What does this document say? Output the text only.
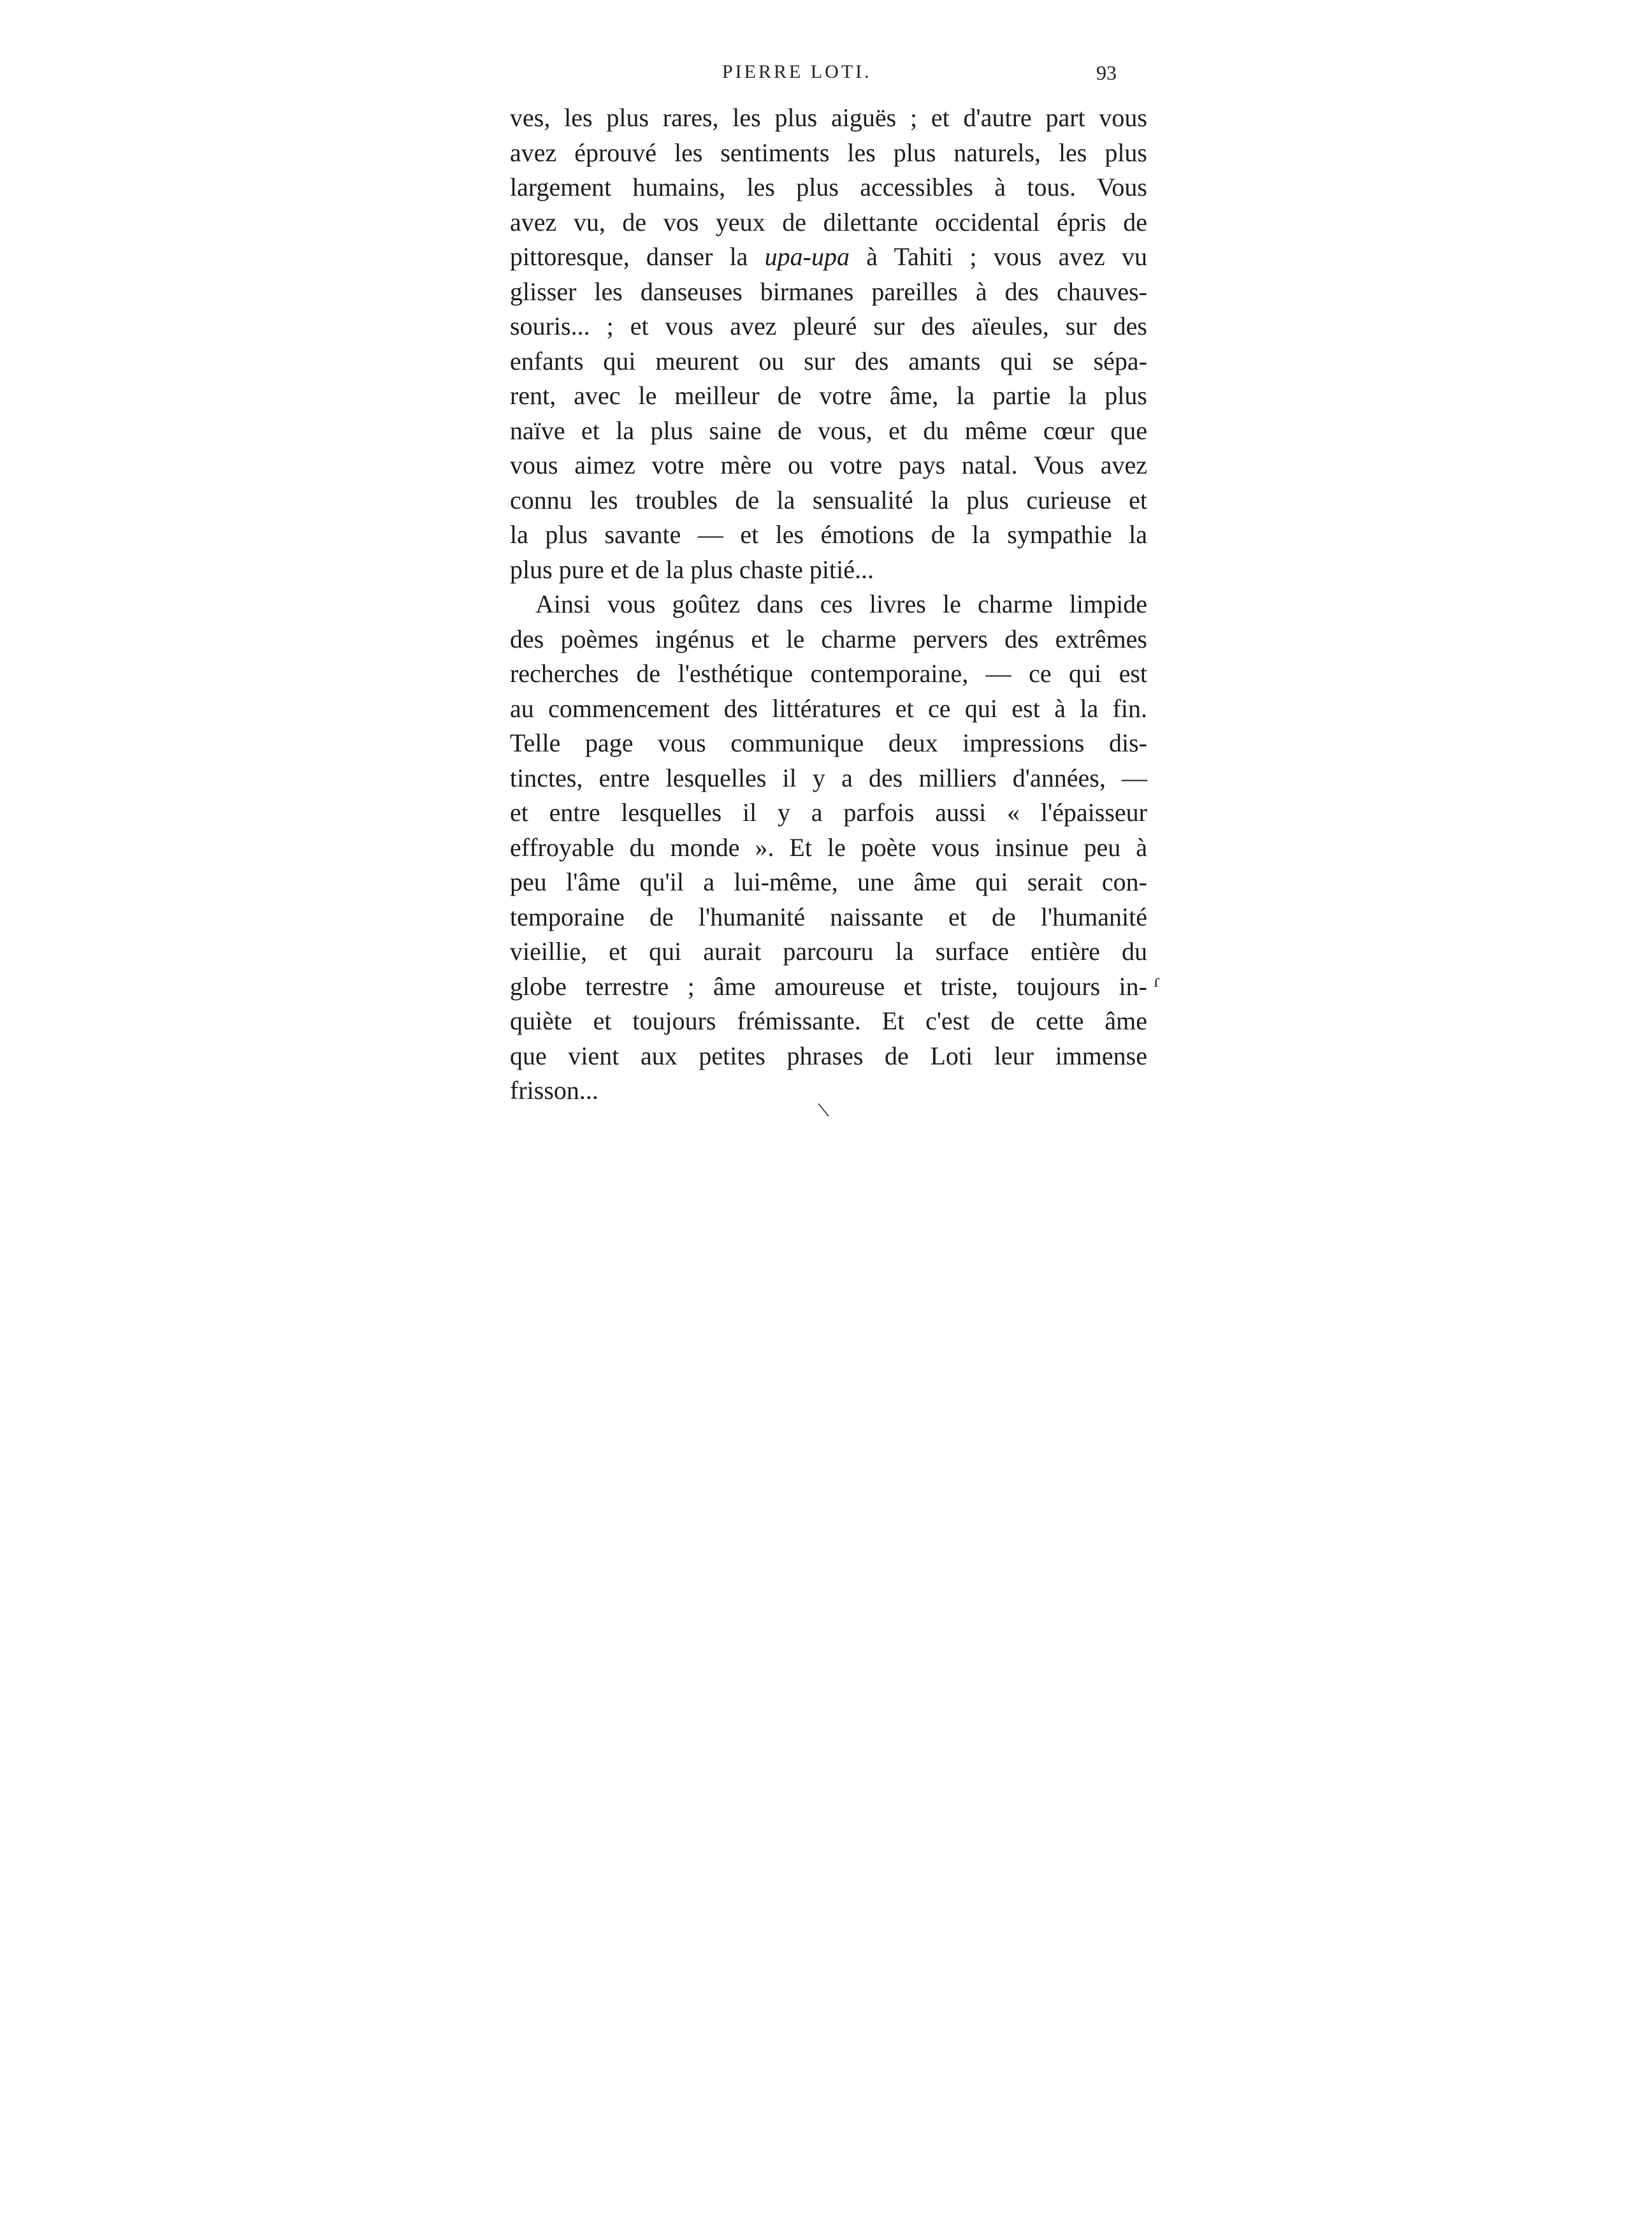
PIERRE LOTI.	93
ves, les plus rares, les plus aiguës ; et d'autre part vous
avez éprouvé les sentiments les plus naturels, les plus
largement humains, les plus accessibles à tous. Vous
avez vu, de vos yeux de dilettante occidental épris de
pittoresque, danser la upa-upa à Tahiti ; vous avez vu
glisser les danseuses birmanes pareilles à des chauves-
souris... ; et vous avez pleuré sur des aïeules, sur des
enfants qui meurent ou sur des amants qui se sépa-
rent, avec le meilleur de votre âme, la partie la plus
naïve et la plus saine de vous, et du même cœur que
vous aimez votre mère ou votre pays natal. Vous avez
connu les troubles de la sensualité la plus curieuse et
la plus savante — et les émotions de la sympathie la
plus pure et de la plus chaste pitié...
Ainsi vous goûtez dans ces livres le charme limpide
des poèmes ingénus et le charme pervers des extrêmes
recherches de l'esthétique contemporaine, — ce qui est
au commencement des littératures et ce qui est à la fin.
Telle page vous communique deux impressions dis-
tinctes, entre lesquelles il y a des milliers d'années, —
et entre lesquelles il y a parfois aussi « l'épaisseur
effroyable du monde ». Et le poète vous insinue peu à
peu l'âme qu'il a lui-même, une âme qui serait con-
temporaine de l'humanité naissante et de l'humanité
vieillie, et qui aurait parcouru la surface entière du
globe terrestre ; âme amoureuse et triste, toujours in-
quiète et toujours frémissante. Et c'est de cette âme
que vient aux petites phrases de Loti leur immense
frisson...
ɾ
\
